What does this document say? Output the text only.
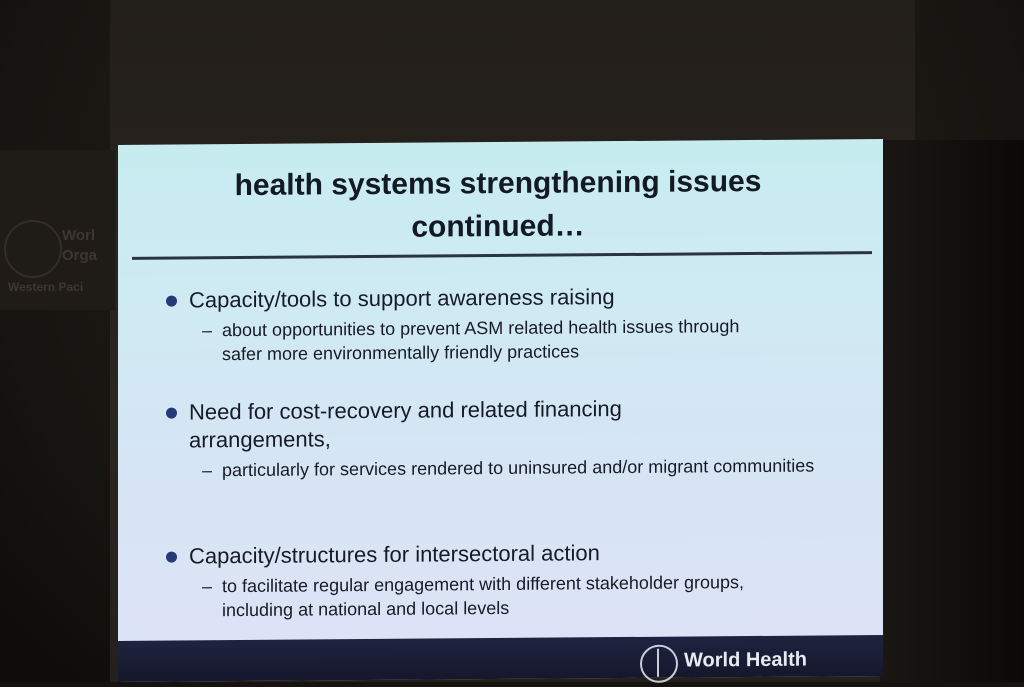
Worl
Orga
Western Paci
health systems strengthening issues continued…
Capacity/tools to support awareness raising
– about opportunities to prevent ASM related health issues through safer more environmentally friendly practices
Need for cost-recovery and related financing arrangements,
– particularly for services rendered to uninsured and/or migrant communities
Capacity/structures for intersectoral action
– to facilitate regular engagement with different stakeholder groups, including at national and local levels
World Health
